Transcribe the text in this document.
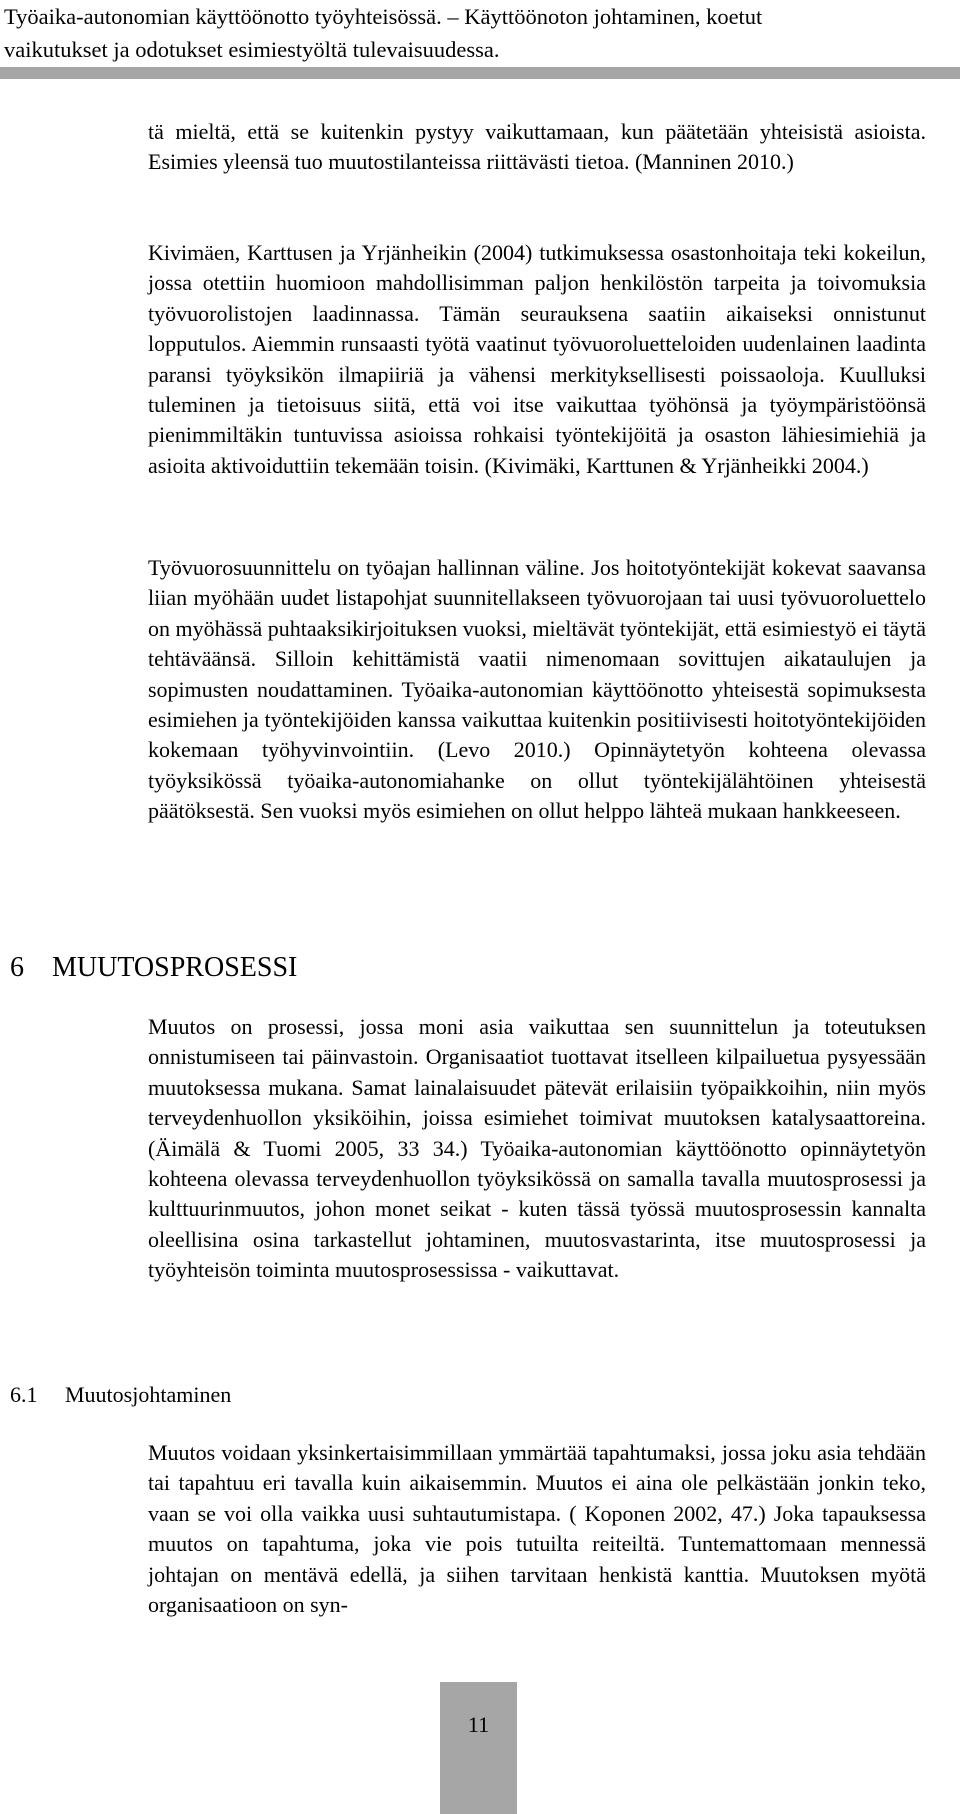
Työaika-autonomian käyttöönotto työyhteisössä. – Käyttöönoton johtaminen, koetut
vaikutukset ja odotukset esimiestyöltä tulevaisuudessa.

tä mieltä, että se kuitenkin pystyy vaikuttamaan, kun päätetään yhteisistä asioista. Esimies yleensä tuo muutostilanteissa riittävästi tietoa. (Manninen 2010.)

Kivimäen, Karttusen ja Yrjänheikin (2004) tutkimuksessa osastonhoitaja teki kokeilun, jossa otettiin huomioon mahdollisimman paljon henkilöstön tarpeita ja toivomuksia työvuorolistojen laadinnassa. Tämän seurauksena saatiin aikaiseksi onnistunut lopputulos. Aiemmin runsaasti työtä vaatinut työvuoroluetteloiden uudenlainen laadinta paransi työyksikön ilmapiiriä ja vähensi merkityksellisesti poissaoloja. Kuulluksi tuleminen ja tietoisuus siitä, että voi itse vaikuttaa työhönsä ja työympäristöönsä pienimmiltäkin tuntuvissa asioissa rohkaisi työntekijöitä ja osaston lähiesimiehiä ja asioita aktivoiduttiin tekemään toisin. (Kivimäki, Karttunen & Yrjänheikki 2004.)

Työvuorosuunnittelu on työajan hallinnan väline. Jos hoitotyöntekijät kokevat saavansa liian myöhään uudet listapohjat suunnitellakseen työvuorojaan tai uusi työvuoroluettelo on myöhässä puhtaaksikirjoituksen vuoksi, mieltävät työntekijät, että esimiestyö ei täytä tehtäväänsä. Silloin kehittämistä vaatii nimenomaan sovittujen aikataulujen ja sopimusten noudattaminen. Työaika-autonomian käyttöönotto yhteisestä sopimuksesta esimiehen ja työntekijöiden kanssa vaikuttaa kuitenkin positiivisesti hoitotyöntekijöiden kokemaan työhyvinvointiin. (Levo 2010.) Opinnäytetyön kohteena olevassa työyksikössä työaika-autonomiahanke on ollut työntekijälähtöinen yhteisestä päätöksestä. Sen vuoksi myös esimiehen on ollut helppo lähteä mukaan hankkeeseen.

6 MUUTOSPROSESSI

Muutos on prosessi, jossa moni asia vaikuttaa sen suunnittelun ja toteutuksen onnistumiseen tai päinvastoin. Organisaatiot tuottavat itselleen kilpailuetua pysyessään muutoksessa mukana. Samat lainalaisuudet pätevät erilaisiin työpaikkoihin, niin myös terveydenhuollon yksiköihin, joissa esimiehet toimivat muutoksen katalysaattoreina. (Äimälä & Tuomi 2005, 33 34.) Työaika-autonomian käyttöönotto opinnäytetyön kohteena olevassa terveydenhuollon työyksikössä on samalla tavalla muutosprosessi ja kulttuurinmuutos, johon monet seikat - kuten tässä työssä muutosprosessin kannalta oleellisina osina tarkastellut johtaminen, muutosvastarinta, itse muutosprosessi ja työyhteisön toiminta muutosprosessissa - vaikuttavat.

6.1 Muutosjohtaminen

Muutos voidaan yksinkertaisimmillaan ymmärtää tapahtumaksi, jossa joku asia tehdään tai tapahtuu eri tavalla kuin aikaisemmin. Muutos ei aina ole pelkästään jonkin teko, vaan se voi olla vaikka uusi suhtautumistapa. ( Koponen 2002, 47.) Joka tapauksessa muutos on tapahtuma, joka vie pois tutuilta reiteiltä. Tuntemattomaan mennessä johtajan on mentävä edellä, ja siihen tarvitaan henkistä kanttia. Muutoksen myötä organisaatioon on syn-

11
